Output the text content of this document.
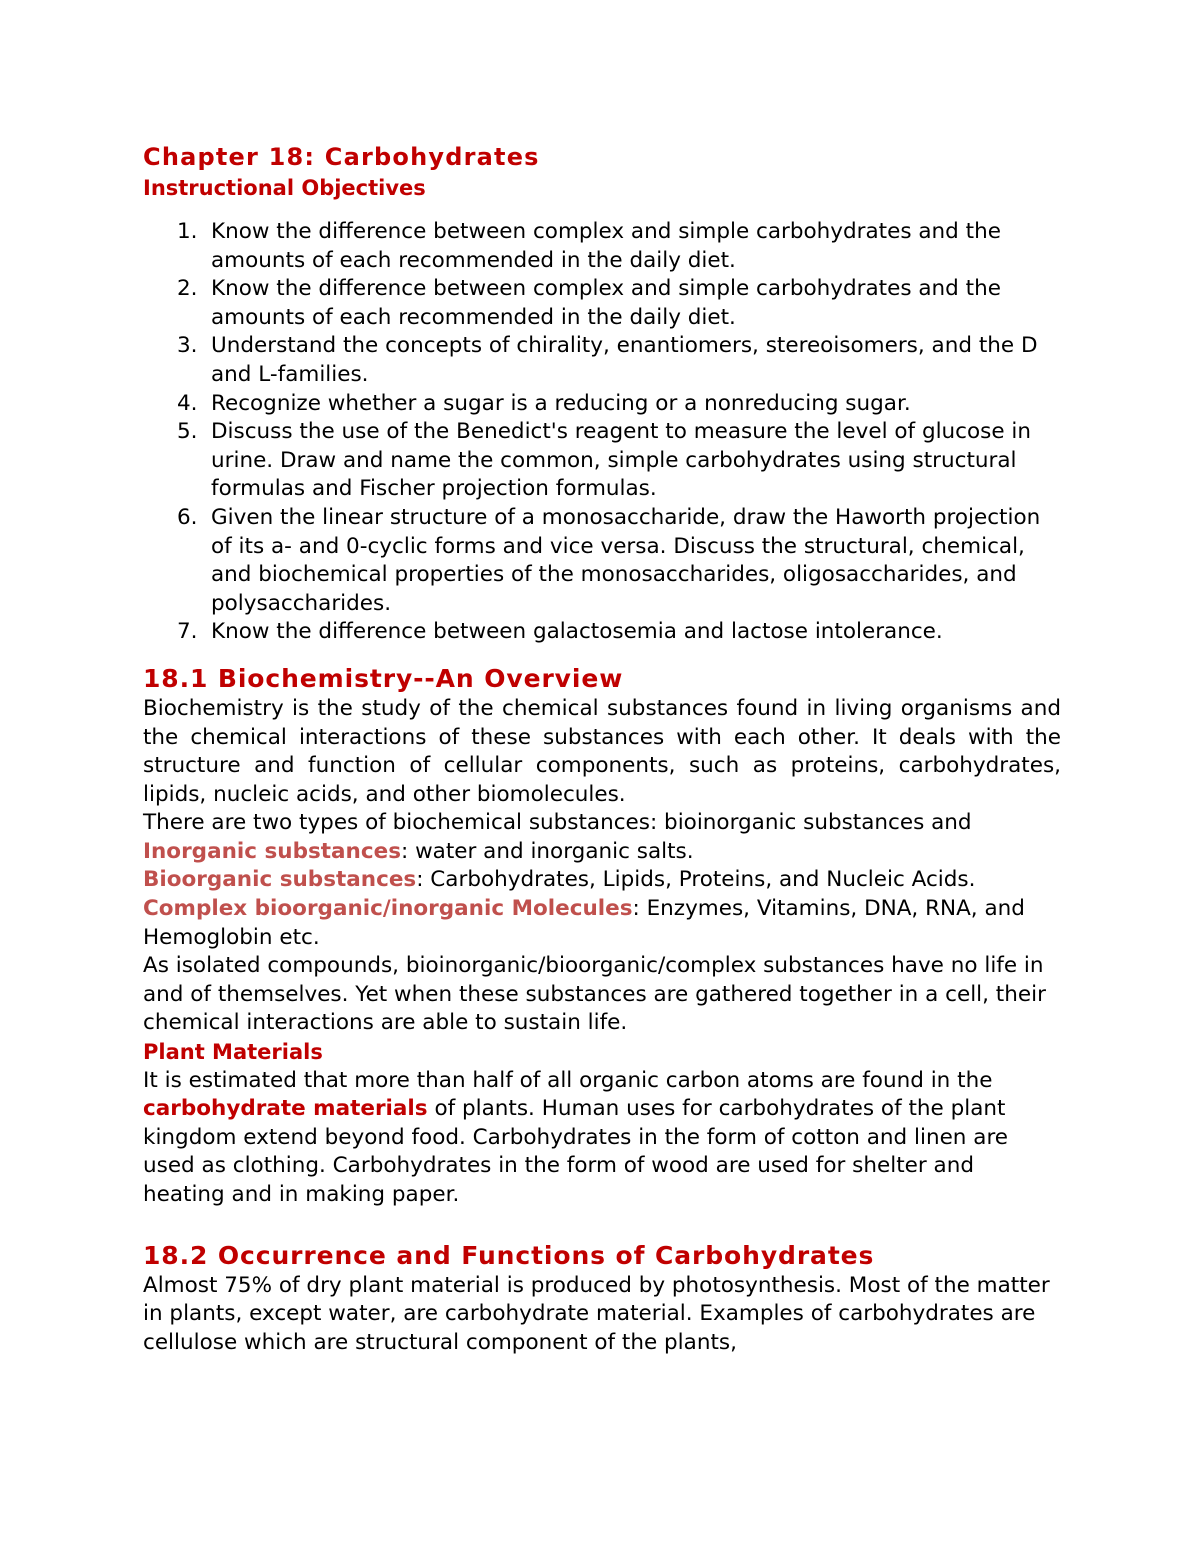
Chapter 18: Carbohydrates
Instructional Objectives
1. Know the difference between complex and simple carbohydrates and the amounts of each recommended in the daily diet.
2. Know the difference between complex and simple carbohydrates and the amounts of each recommended in the daily diet.
3. Understand the concepts of chirality, enantiomers, stereoisomers, and the D and L-families.
4. Recognize whether a sugar is a reducing or a nonreducing sugar.
5. Discuss the use of the Benedict's reagent to measure the level of glucose in urine. Draw and name the common, simple carbohydrates using structural formulas and Fischer projection formulas.
6. Given the linear structure of a monosaccharide, draw the Haworth projection of its a- and 0-cyclic forms and vice versa. Discuss the structural, chemical, and biochemical properties of the monosaccharides, oligosaccharides, and polysaccharides.
7. Know the difference between galactosemia and lactose intolerance.
18.1 Biochemistry--An Overview

Biochemistry is the study of the chemical substances found in living organisms and the chemical interactions of these substances with each other. It deals with the structure and function of cellular components, such as proteins, carbohydrates, lipids, nucleic acids, and other biomolecules.

There are two types of biochemical substances: bioinorganic substances and

Inorganic substances: water and inorganic salts.

Bioorganic substances: Carbohydrates, Lipids, Proteins, and Nucleic Acids.

Complex bioorganic/inorganic Molecules: Enzymes, Vitamins, DNA, RNA, and Hemoglobin etc.

As isolated compounds, bioinorganic/bioorganic/complex substances have no life in and of themselves. Yet when these substances are gathered together in a cell, their chemical interactions are able to sustain life.

Plant Materials

It is estimated that more than half of all organic carbon atoms are found in the carbohydrate materials of plants. Human uses for carbohydrates of the plant kingdom extend beyond food. Carbohydrates in the form of cotton and linen are used as clothing. Carbohydrates in the form of wood are used for shelter and heating and in making paper.

18.2 Occurrence and Functions of Carbohydrates

Almost 75% of dry plant material is produced by photosynthesis. Most of the matter in plants, except water, are carbohydrate material. Examples of carbohydrates are cellulose which are structural component of the plants,
